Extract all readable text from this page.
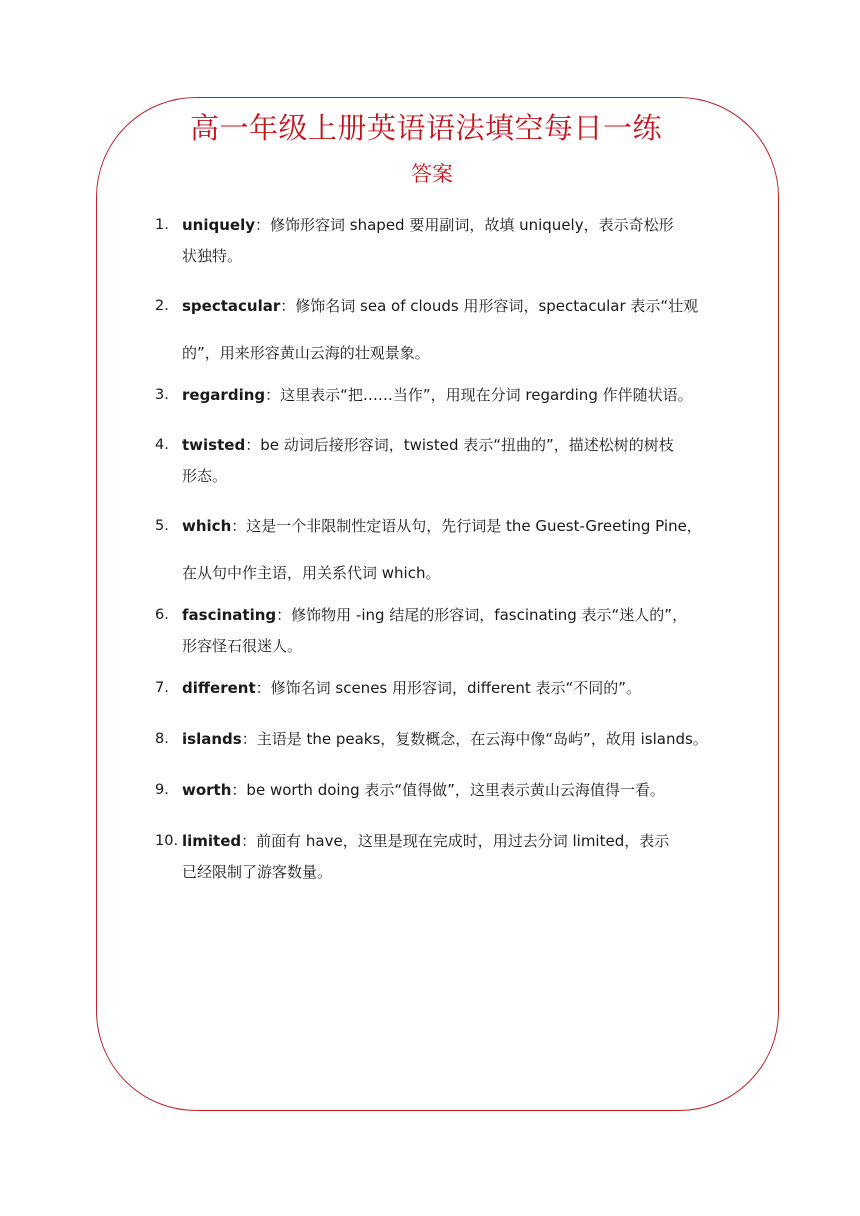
高一年级上册英语语法填空每日一练
答案
1. uniquely：修饰形容词 shaped 要用副词，故填 uniquely，表示奇松形
状独特。
2. spectacular：修饰名词 sea of clouds 用形容词，spectacular 表示“壮观
的”，用来形容黄山云海的壮观景象。
3. regarding：这里表示“把……当作”，用现在分词 regarding 作伴随状语。
4. twisted：be 动词后接形容词，twisted 表示“扭曲的”，描述松树的树枝
形态。
5. which：这是一个非限制性定语从句，先行词是 the Guest-Greeting Pine，
在从句中作主语，用关系代词 which。
6. fascinating：修饰物用 -ing 结尾的形容词，fascinating 表示“迷人的”，
形容怪石很迷人。
7. different：修饰名词 scenes 用形容词，different 表示“不同的”。
8. islands：主语是 the peaks，复数概念，在云海中像“岛屿”，故用 islands。
9. worth：be worth doing 表示“值得做”，这里表示黄山云海值得一看。
10. limited：前面有 have，这里是现在完成时，用过去分词 limited，表示
已经限制了游客数量。
